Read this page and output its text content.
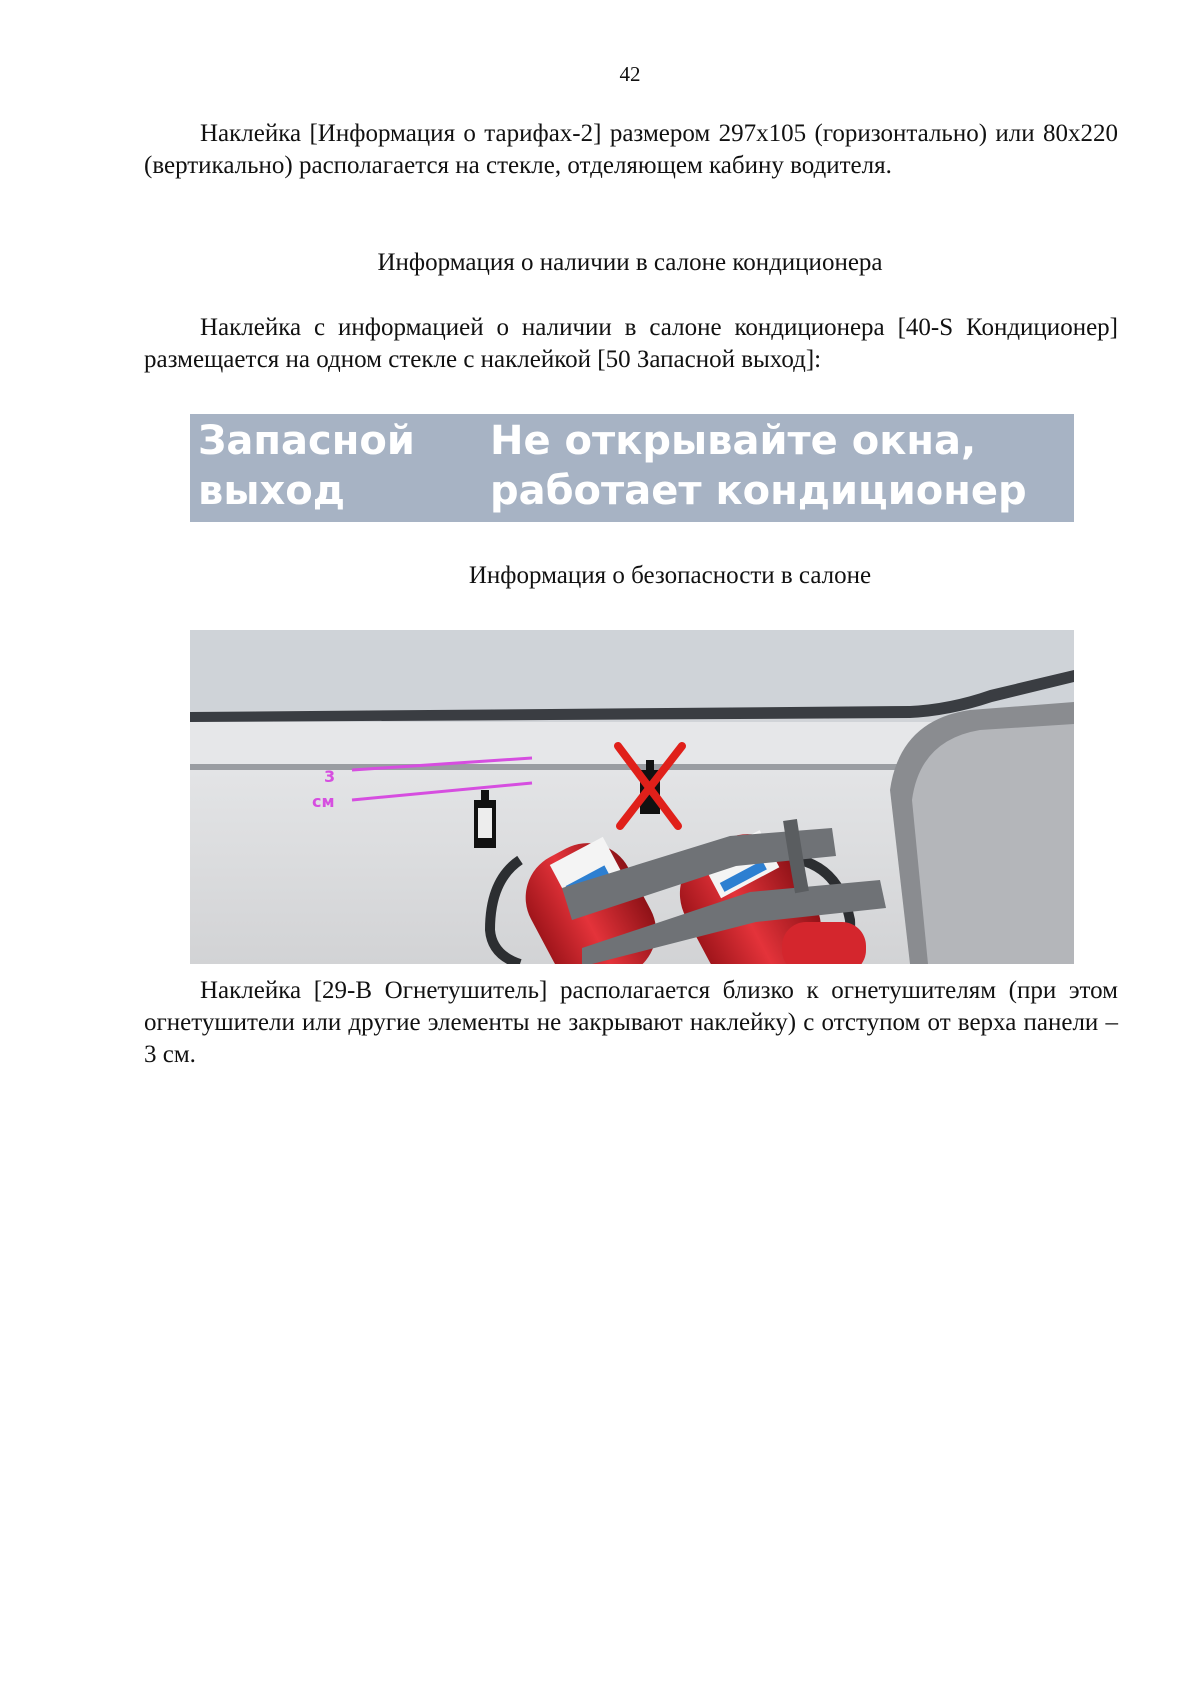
42

Наклейка [Информация о тарифах-2] размером 297х105 (горизонтально) или 80х220 (вертикально) располагается на стекле, отделяющем кабину водителя.

Информация о наличии в салоне кондиционера

Наклейка с информацией о наличии в салоне кондиционера [40-S Кондиционер] размещается на одном стекле с наклейкой [50 Запасной выход]:

Запасной
выход
Не открывайте окна,
работает кондиционер
Информация о безопасности в салоне
3
см

Наклейка [29-В Огнетушитель] располагается близко к огнетушителям (при этом огнетушители или другие элементы не закрывают наклейку) с отступом от верха панели – 3 см.
